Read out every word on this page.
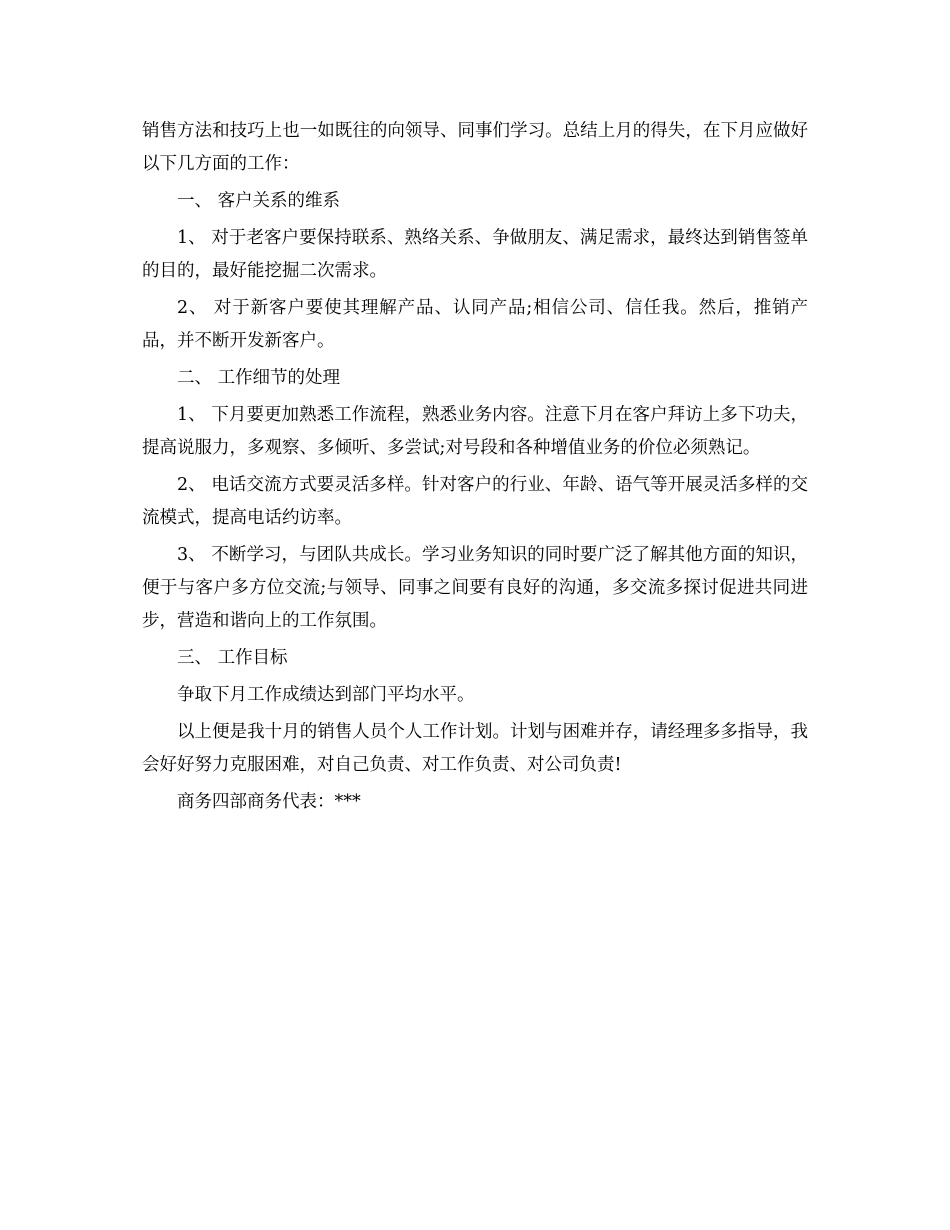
销售方法和技巧上也一如既往的向领导、同事们学习。总结上月的得失，在下月应做好以下几方面的工作：

一、 客户关系的维系

1、 对于老客户要保持联系、熟络关系、争做朋友、满足需求，最终达到销售签单的目的，最好能挖掘二次需求。

2、 对于新客户要使其理解产品、认同产品;相信公司、信任我。然后，推销产品，并不断开发新客户。

二、 工作细节的处理

1、 下月要更加熟悉工作流程，熟悉业务内容。注意下月在客户拜访上多下功夫，提高说服力，多观察、多倾听、多尝试;对号段和各种增值业务的价位必须熟记。

2、 电话交流方式要灵活多样。针对客户的行业、年龄、语气等开展灵活多样的交流模式，提高电话约访率。

3、 不断学习，与团队共成长。学习业务知识的同时要广泛了解其他方面的知识，便于与客户多方位交流;与领导、同事之间要有良好的沟通，多交流多探讨促进共同进步，营造和谐向上的工作氛围。

三、 工作目标

争取下月工作成绩达到部门平均水平。

以上便是我十月的销售人员个人工作计划。计划与困难并存，请经理多多指导，我会好好努力克服困难，对自己负责、对工作负责、对公司负责!

商务四部商务代表：***
